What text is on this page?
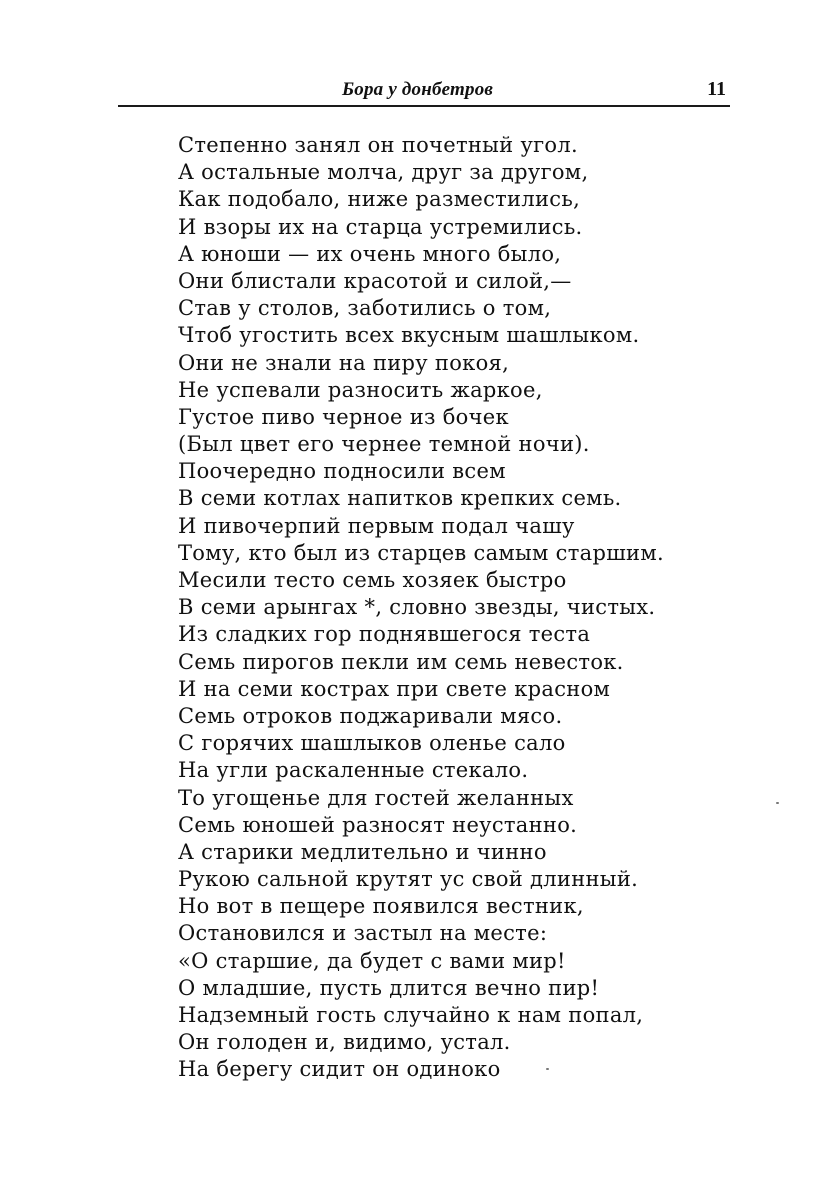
Бора у донбетров	11
Степенно занял он почетный угол.
А остальные молча, друг за другом,
Как подобало, ниже разместились,
И взоры их на старца устремились.
А юноши — их очень много было,
Они блистали красотой и силой,—
Став у столов, заботились о том,
Чтоб угостить всех вкусным шашлыком.
Они не знали на пиру покоя,
Не успевали разносить жаркое,
Густое пиво черное из бочек
(Был цвет его чернее темной ночи).
Поочередно подносили всем
В семи котлах напитков крепких семь.
И пивочерпий первым подал чашу
Тому, кто был из старцев самым старшим.
Месили тесто семь хозяек быстро
В семи арынгах *, словно звезды, чистых.
Из сладких гор поднявшегося теста
Семь пирогов пекли им семь невесток.
И на семи кострах при свете красном
Семь отроков поджаривали мясо.
С горячих шашлыков оленье сало
На угли раскаленные стекало.
То угощенье для гостей желанных
Семь юношей разносят неустанно.
А старики медлительно и чинно
Рукою сальной крутят ус свой длинный.
Но вот в пещере появился вестник,
Остановился и застыл на месте:
«О старшие, да будет с вами мир!
О младшие, пусть длится вечно пир!
Надземный гость случайно к нам попал,
Он голоден и, видимо, устал.
На берегу сидит он одиноко
